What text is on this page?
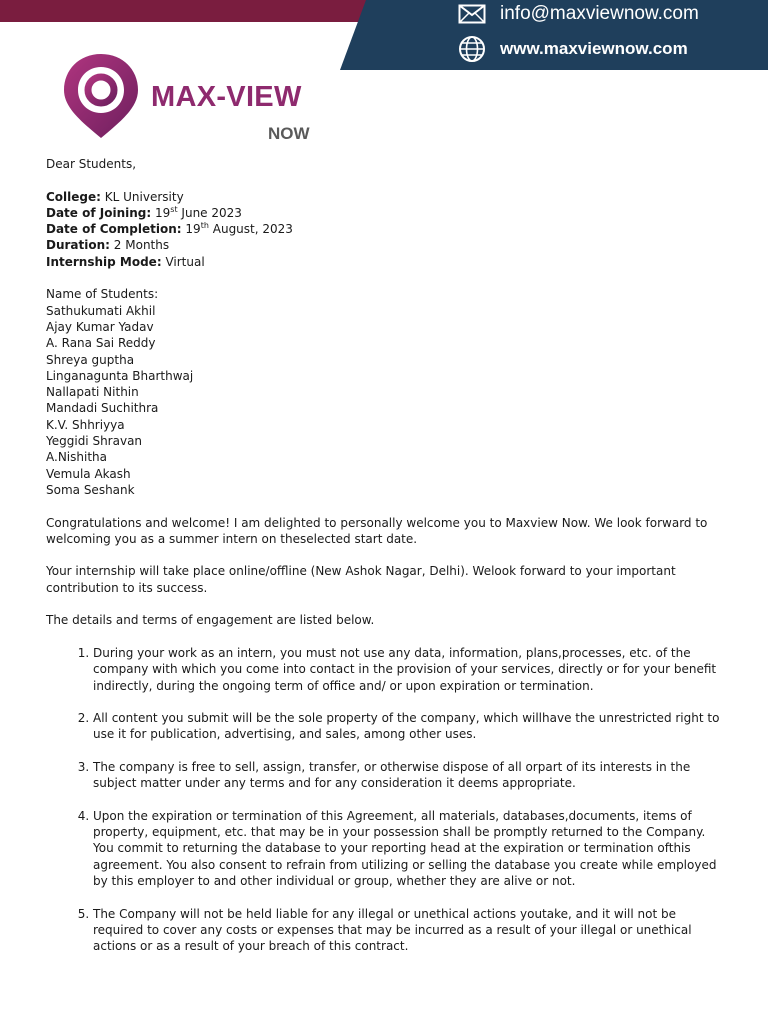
info@maxviewnow.com
www.maxviewnow.com
MAX-VIEW
NOW

Dear Students,

College: KL University

Date of Joining: 19st June 2023

Date of Completion: 19th August, 2023

Duration: 2 Months

Internship Mode: Virtual

Name of Students:

Sathukumati Akhil

Ajay Kumar Yadav

A. Rana Sai Reddy

Shreya guptha

Linganagunta Bharthwaj

Nallapati Nithin

Mandadi Suchithra

K.V. Shhriyya

Yeggidi Shravan

A.Nishitha

Vemula Akash

Soma Seshank

Congratulations and welcome! I am delighted to personally welcome you to Maxview Now. We look forward to welcoming you as a summer intern on theselected start date.

Your internship will take place online/offline (New Ashok Nagar, Delhi). Welook forward to your important contribution to its success.

The details and terms of engagement are listed below.

1. During your work as an intern, you must not use any data, information, plans,processes, etc. of the company with which you come into contact in the provision of your services, directly or for your benefit indirectly, during the ongoing term of office and/ or upon expiration or termination.
2. All content you submit will be the sole property of the company, which willhave the unrestricted right to use it for publication, advertising, and sales, among other uses.
3. The company is free to sell, assign, transfer, or otherwise dispose of all orpart of its interests in the subject matter under any terms and for any consideration it deems appropriate.
4. Upon the expiration or termination of this Agreement, all materials, databases,documents, items of property, equipment, etc. that may be in your possession shall be promptly returned to the Company. You commit to returning the database to your reporting head at the expiration or termination ofthis agreement. You also consent to refrain from utilizing or selling the database you create while employed by this employer to and other individual or group, whether they are alive or not.
5. The Company will not be held liable for any illegal or unethical actions youtake, and it will not be required to cover any costs or expenses that may be incurred as a result of your illegal or unethical actions or as a result of your breach of this contract.
